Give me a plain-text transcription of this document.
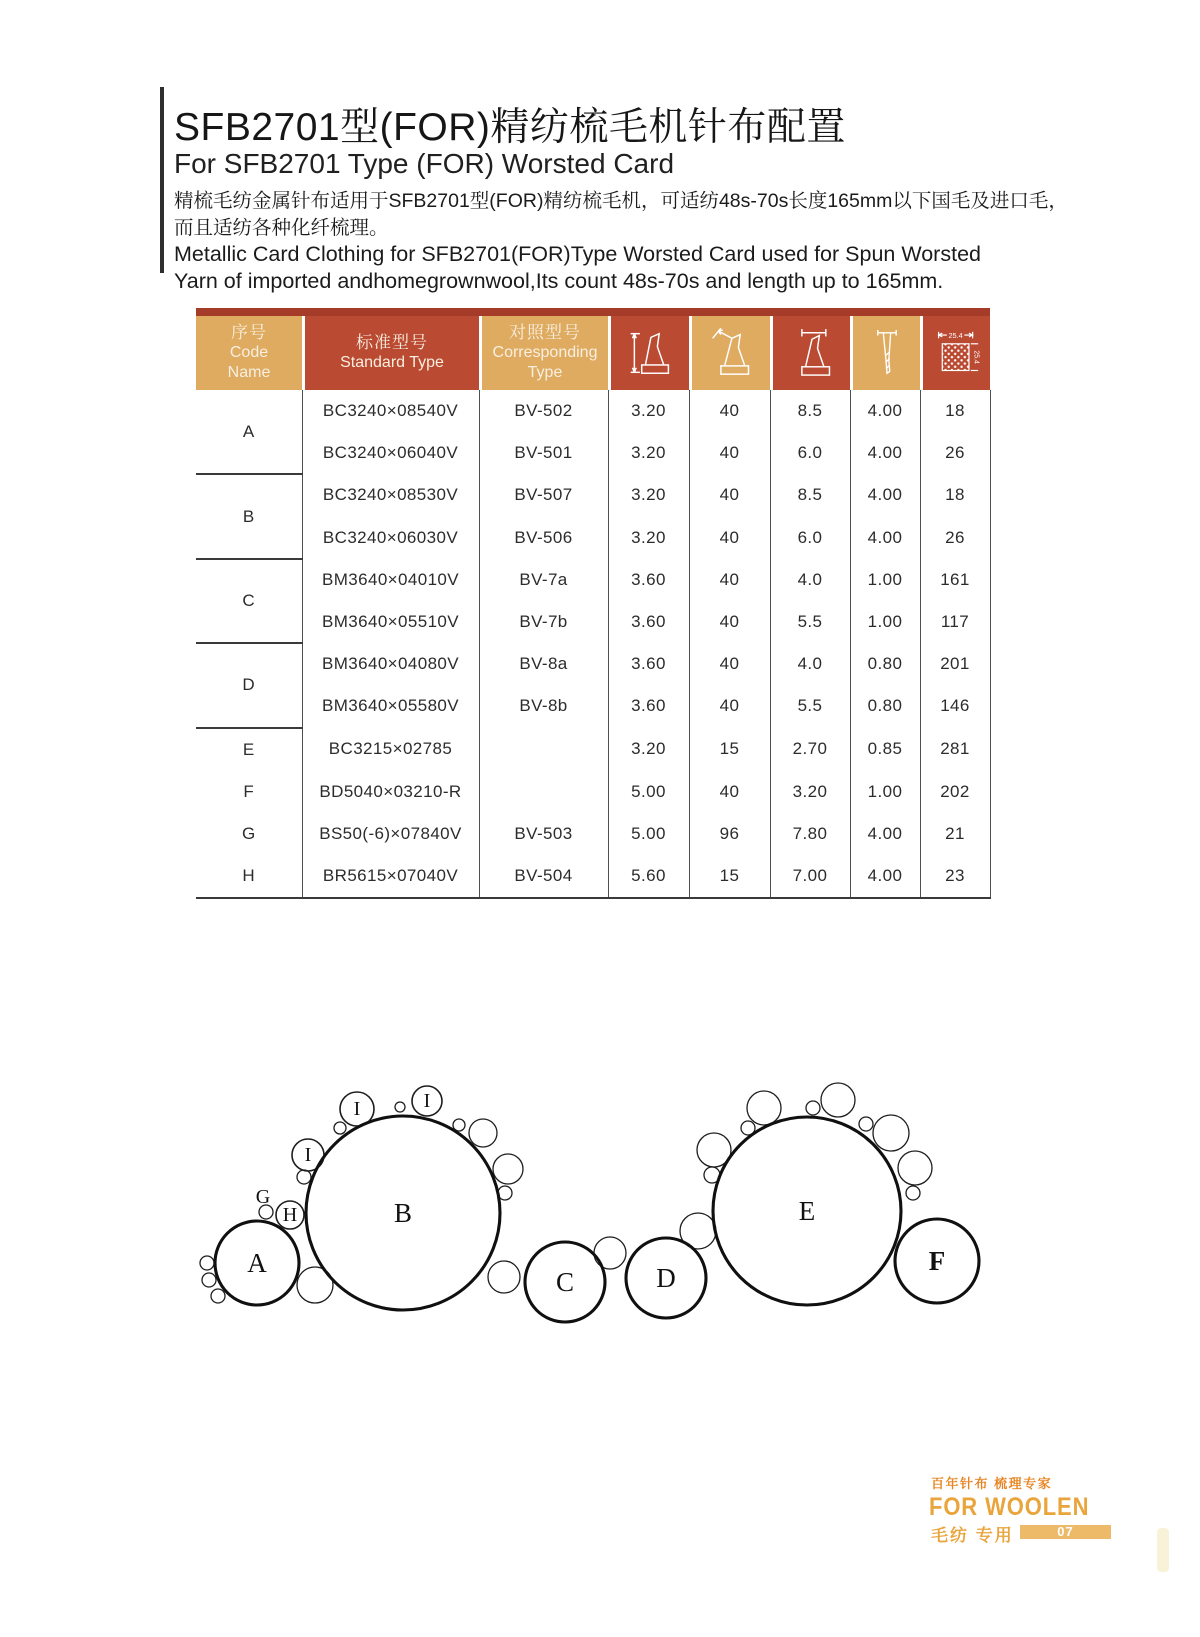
SFB2701型(FOR)精纺梳毛机针布配置
For SFB2701 Type (FOR) Worsted Card
精梳毛纺金属针布适用于SFB2701型(FOR)精纺梳毛机，可适纺48s-70s长度165mm以下国毛及进口毛，
而且适纺各种化纤梳理。
Metallic Card Clothing for SFB2701(FOR)Type Worsted Card used for Spun Worsted
Yarn of imported andhomegrownwool,Its count 48s-70s and length up to 165mm.
序号
Code
Name
标准型号
Standard Type
对照型号
Corresponding
Type
25.4
25.4
A	BC3240×08540V	BV-502	3.20	40	8.5	4.00	18
	BC3240×06040V	BV-501	3.20	40	6.0	4.00	26
B	BC3240×08530V	BV-507	3.20	40	8.5	4.00	18
	BC3240×06030V	BV-506	3.20	40	6.0	4.00	26
C	BM3640×04010V	BV-7a	3.60	40	4.0	1.00	161
	BM3640×05510V	BV-7b	3.60	40	5.5	1.00	117
D	BM3640×04080V	BV-8a	3.60	40	4.0	0.80	201
	BM3640×05580V	BV-8b	3.60	40	5.5	0.80	146
E	BC3215×02785		3.20	15	2.70	0.85	281
F	BD5040×03210-R		5.00	40	3.20	1.00	202
G	BS50(-6)×07840V	BV-503	5.00	96	7.80	4.00	21
H	BR5615×07040V	BV-504	5.60	15	7.00	4.00	23
H
I	I
I
A
B
C	D
E
F
G
百年针布 梳理专家
FOR WOOLEN
毛纺 专用	07
